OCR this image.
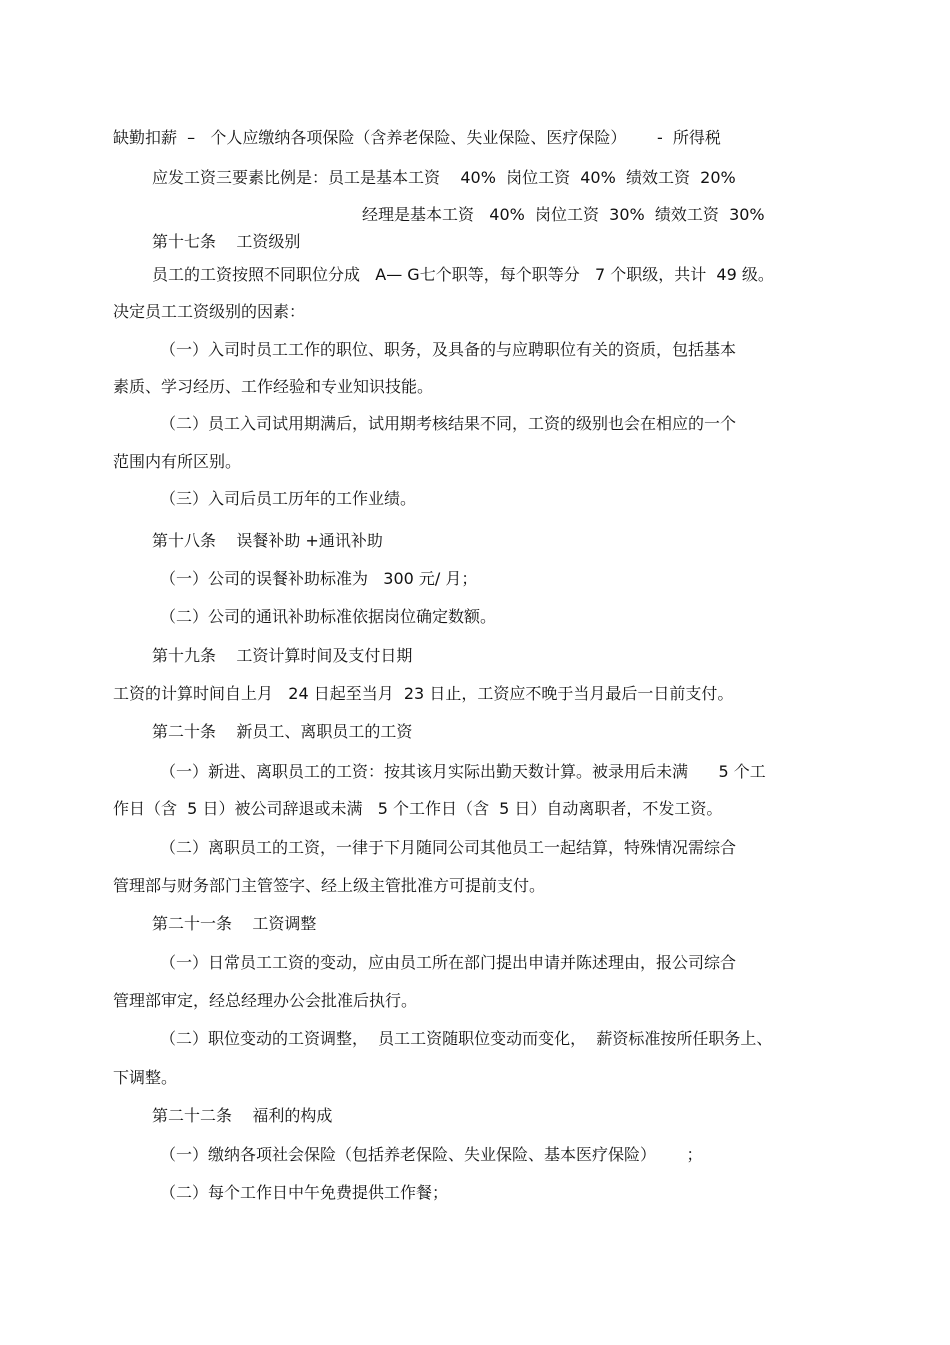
缺勤扣薪  –   个人应缴纳各项保险（含养老保险、失业保险、医疗保险）      -  所得税
应发工资三要素比例是：员工是基本工资    40%  岗位工资  40%  绩效工资  20%
经理是基本工资   40%  岗位工资  30%  绩效工资  30%
第十七条    工资级别
员工的工资按照不同职位分成   A— G七个职等，每个职等分   7 个职级，共计  49 级。
决定员工工资级别的因素：
（一）入司时员工工作的职位、职务，及具备的与应聘职位有关的资质，包括基本
素质、学习经历、工作经验和专业知识技能。
（二）员工入司试用期满后，试用期考核结果不同，工资的级别也会在相应的一个
范围内有所区别。
（三）入司后员工历年的工作业绩。
第十八条    误餐补助 +通讯补助
（一）公司的误餐补助标准为   300 元/ 月；
（二）公司的通讯补助标准依据岗位确定数额。
第十九条    工资计算时间及支付日期
工资的计算时间自上月   24 日起至当月  23 日止，工资应不晚于当月最后一日前支付。
第二十条    新员工、离职员工的工资
（一）新进、离职员工的工资：按其该月实际出勤天数计算。被录用后未满      5 个工
作日（含  5 日）被公司辞退或未满   5 个工作日（含  5 日）自动离职者，不发工资。
（二）离职员工的工资，一律于下月随同公司其他员工一起结算，特殊情况需综合
管理部与财务部门主管签字、经上级主管批准方可提前支付。
第二十一条    工资调整
（一）日常员工工资的变动，应由员工所在部门提出申请并陈述理由，报公司综合
管理部审定，经总经理办公会批准后执行。
（二）职位变动的工资调整，  员工工资随职位变动而变化，  薪资标准按所任职务上、
下调整。
第二十二条    福利的构成
（一）缴纳各项社会保险（包括养老保险、失业保险、基本医疗保险）      ；
（二）每个工作日中午免费提供工作餐；
